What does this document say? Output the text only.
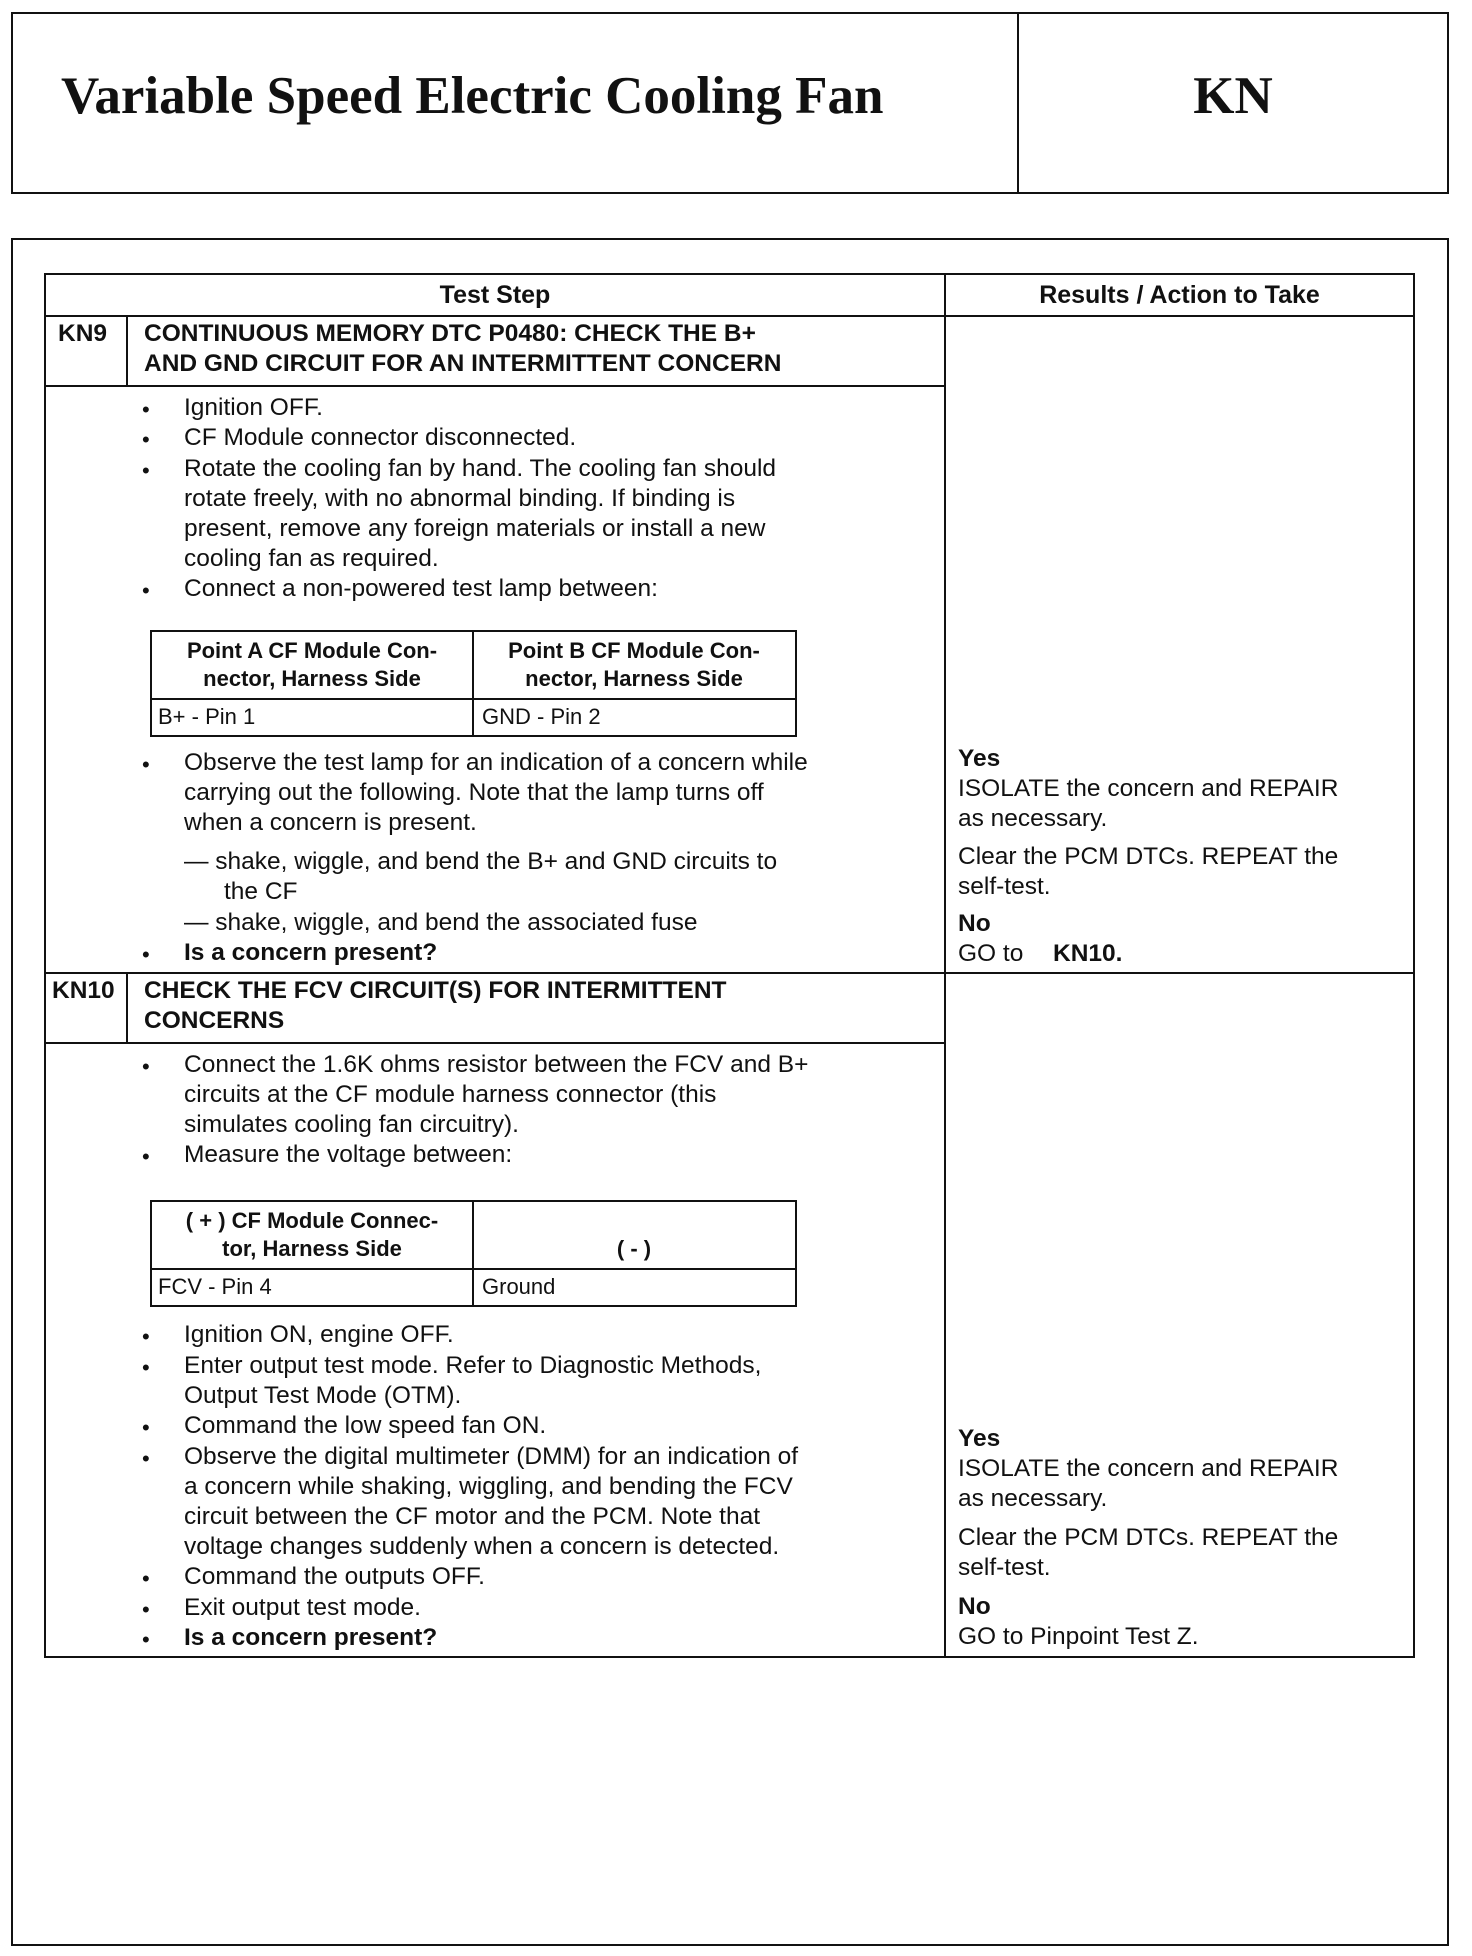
Variable Speed Electric Cooling Fan	KN
Test Step	Results / Action to Take
KN9 CONTINUOUS MEMORY DTC P0480: CHECK THE B+
AND GND CIRCUIT FOR AN INTERMITTENT CONCERN
• Ignition OFF.
• CF Module connector disconnected.
• Rotate the cooling fan by hand. The cooling fan should
rotate freely, with no abnormal binding. If binding is
present, remove any foreign materials or install a new
cooling fan as required.
• Connect a non-powered test lamp between:
Point A CF Module Con-
nector, Harness Side
Point B CF Module Con-
nector, Harness Side
B+ - Pin 1	GND - Pin 2
• Observe the test lamp for an indication of a concern while
carrying out the following. Note that the lamp turns off
when a concern is present.
— shake, wiggle, and bend the B+ and GND circuits to
the CF
— shake, wiggle, and bend the associated fuse
• Is a concern present?
Yes
ISOLATE the concern and REPAIR
as necessary.
Clear the PCM DTCs. REPEAT the
self-test.
No
GO to KN10.
KN10 CHECK THE FCV CIRCUIT(S) FOR INTERMITTENT
CONCERNS
• Connect the 1.6K ohms resistor between the FCV and B+
circuits at the CF module harness connector (this
simulates cooling fan circuitry).
• Measure the voltage between:
( + ) CF Module Connec-
tor, Harness Side	( - )
FCV - Pin 4	Ground
• Ignition ON, engine OFF.
• Enter output test mode. Refer to Diagnostic Methods,
Output Test Mode (OTM).
• Command the low speed fan ON.
• Observe the digital multimeter (DMM) for an indication of
a concern while shaking, wiggling, and bending the FCV
circuit between the CF motor and the PCM. Note that
voltage changes suddenly when a concern is detected.
• Command the outputs OFF.
• Exit output test mode.
• Is a concern present?
Yes
ISOLATE the concern and REPAIR
as necessary.
Clear the PCM DTCs. REPEAT the
self-test.
No
GO to Pinpoint Test Z.
